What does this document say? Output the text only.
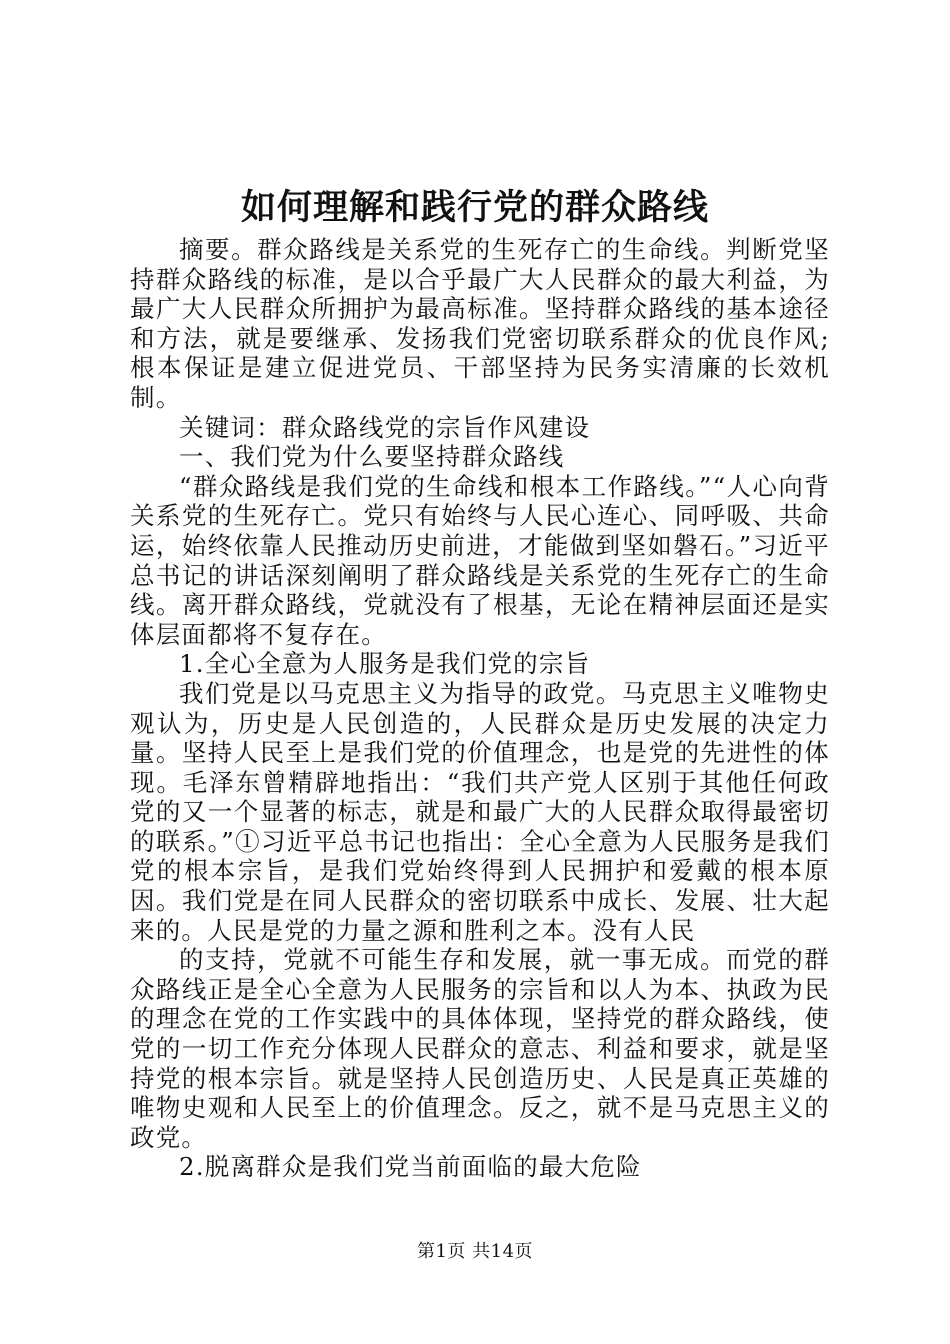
如何理解和践行党的群众路线

摘要。群众路线是关系党的生死存亡的生命线。判断党坚持群众路线的标准，是以合乎最广大人民群众的最大利益，为最广大人民群众所拥护为最高标准。坚持群众路线的基本途径和方法，就是要继承、发扬我们党密切联系群众的优良作风;根本保证是建立促进党员、干部坚持为民务实清廉的长效机制。

关键词：群众路线党的宗旨作风建设

一、我们党为什么要坚持群众路线

“群众路线是我们党的生命线和根本工作路线。”“人心向背关系党的生死存亡。党只有始终与人民心连心、同呼吸、共命运，始终依靠人民推动历史前进，才能做到坚如磐石。”习近平总书记的讲话深刻阐明了群众路线是关系党的生死存亡的生命线。离开群众路线，党就没有了根基，无论在精神层面还是实体层面都将不复存在。

1.全心全意为人服务是我们党的宗旨

我们党是以马克思主义为指导的政党。马克思主义唯物史观认为，历史是人民创造的，人民群众是历史发展的决定力量。坚持人民至上是我们党的价值理念，也是党的先进性的体现。毛泽东曾精辟地指出：“我们共产党人区别于其他任何政党的又一个显著的标志，就是和最广大的人民群众取得最密切的联系。”①习近平总书记也指出：全心全意为人民服务是我们党的根本宗旨，是我们党始终得到人民拥护和爱戴的根本原因。我们党是在同人民群众的密切联系中成长、发展、壮大起来的。人民是党的力量之源和胜利之本。没有人民

的支持，党就不可能生存和发展，就一事无成。而党的群众路线正是全心全意为人民服务的宗旨和以人为本、执政为民的理念在党的工作实践中的具体体现，坚持党的群众路线，使党的一切工作充分体现人民群众的意志、利益和要求，就是坚持党的根本宗旨。就是坚持人民创造历史、人民是真正英雄的唯物史观和人民至上的价值理念。反之，就不是马克思主义的政党。

2.脱离群众是我们党当前面临的最大危险

第1页 共14页
